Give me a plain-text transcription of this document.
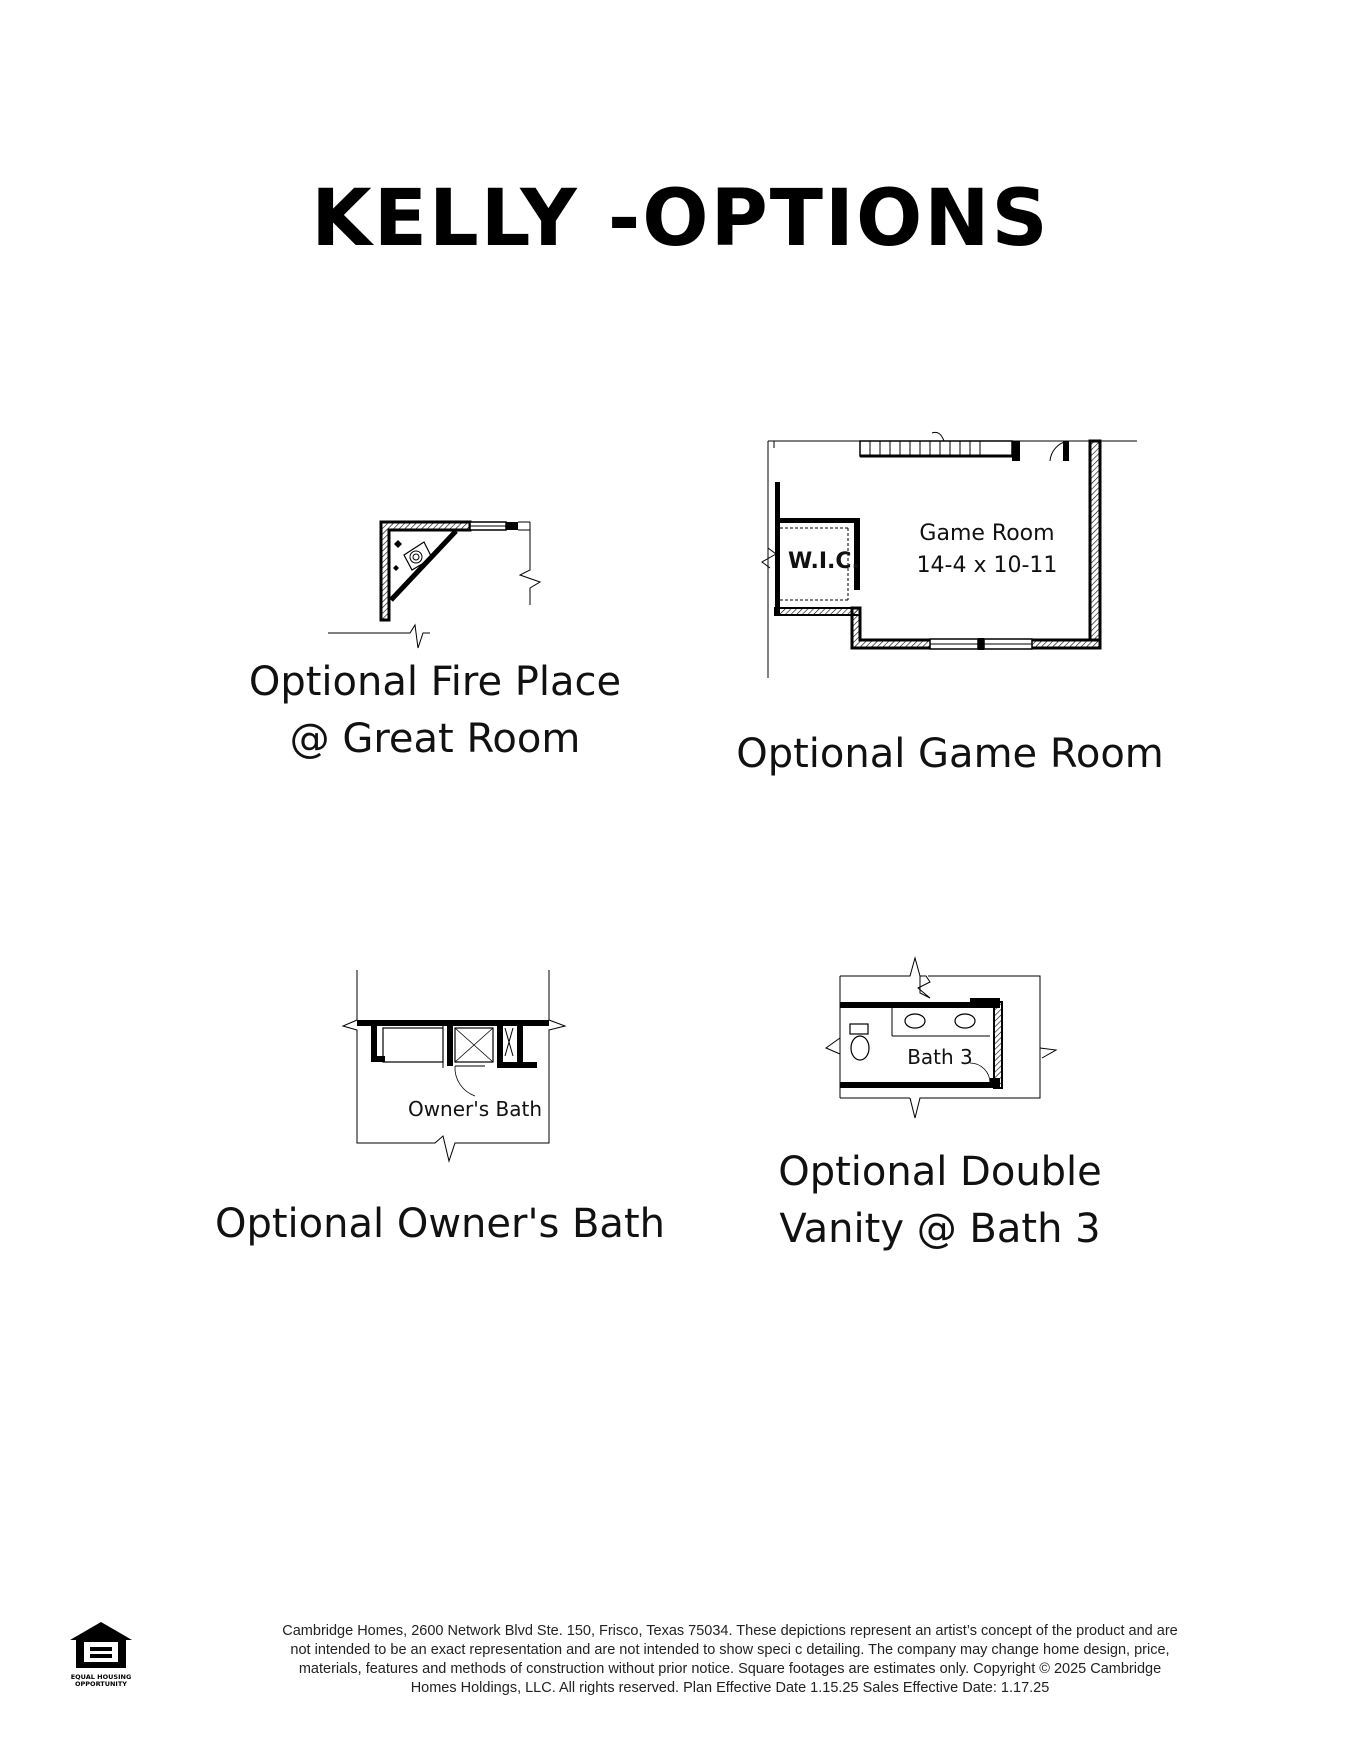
KELLY -OPTIONS
Optional Fire Place
@ Great Room
W.I.C.
Game Room
14-4 x 10-11
Optional Game Room
Owner's Bath
Optional Owner's Bath
Bath 3
Optional Double
Vanity @ Bath 3
EQUAL HOUSING
OPPORTUNITY
Cambridge Homes, 2600 Network Blvd Ste. 150, Frisco, Texas 75034. These depictions represent an artist’s concept of the product and are
not intended to be an exact representation and are not intended to show speci c detailing. The company may change home design, price,
materials, features and methods of construction without prior notice. Square footages are estimates only. Copyright © 2025 Cambridge
Homes Holdings, LLC. All rights reserved. Plan Effective Date 1.15.25 Sales Effective Date: 1.17.25
